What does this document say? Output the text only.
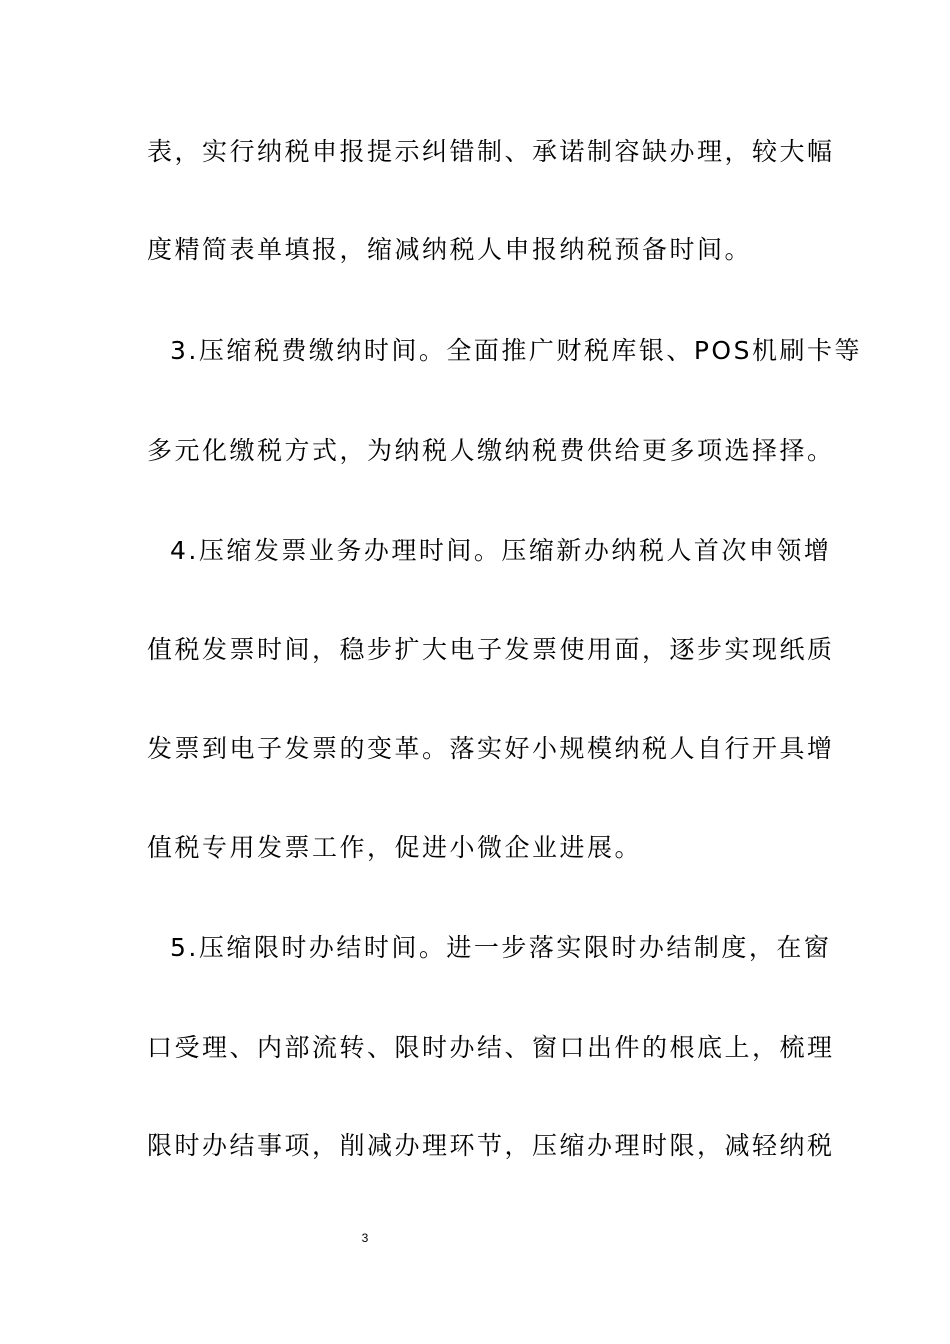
表，实行纳税申报提示纠错制、承诺制容缺办理，较大幅
度精简表单填报，缩减纳税人申报纳税预备时间。
3.压缩税费缴纳时间。全面推广财税库银、POS机刷卡等
多元化缴税方式，为纳税人缴纳税费供给更多项选择择。
4.压缩发票业务办理时间。压缩新办纳税人首次申领增
值税发票时间，稳步扩大电子发票使用面，逐步实现纸质
发票到电子发票的变革。落实好小规模纳税人自行开具增
值税专用发票工作，促进小微企业进展。
5.压缩限时办结时间。进一步落实限时办结制度，在窗
口受理、内部流转、限时办结、窗口出件的根底上，梳理
限时办结事项，削减办理环节，压缩办理时限，减轻纳税
3
